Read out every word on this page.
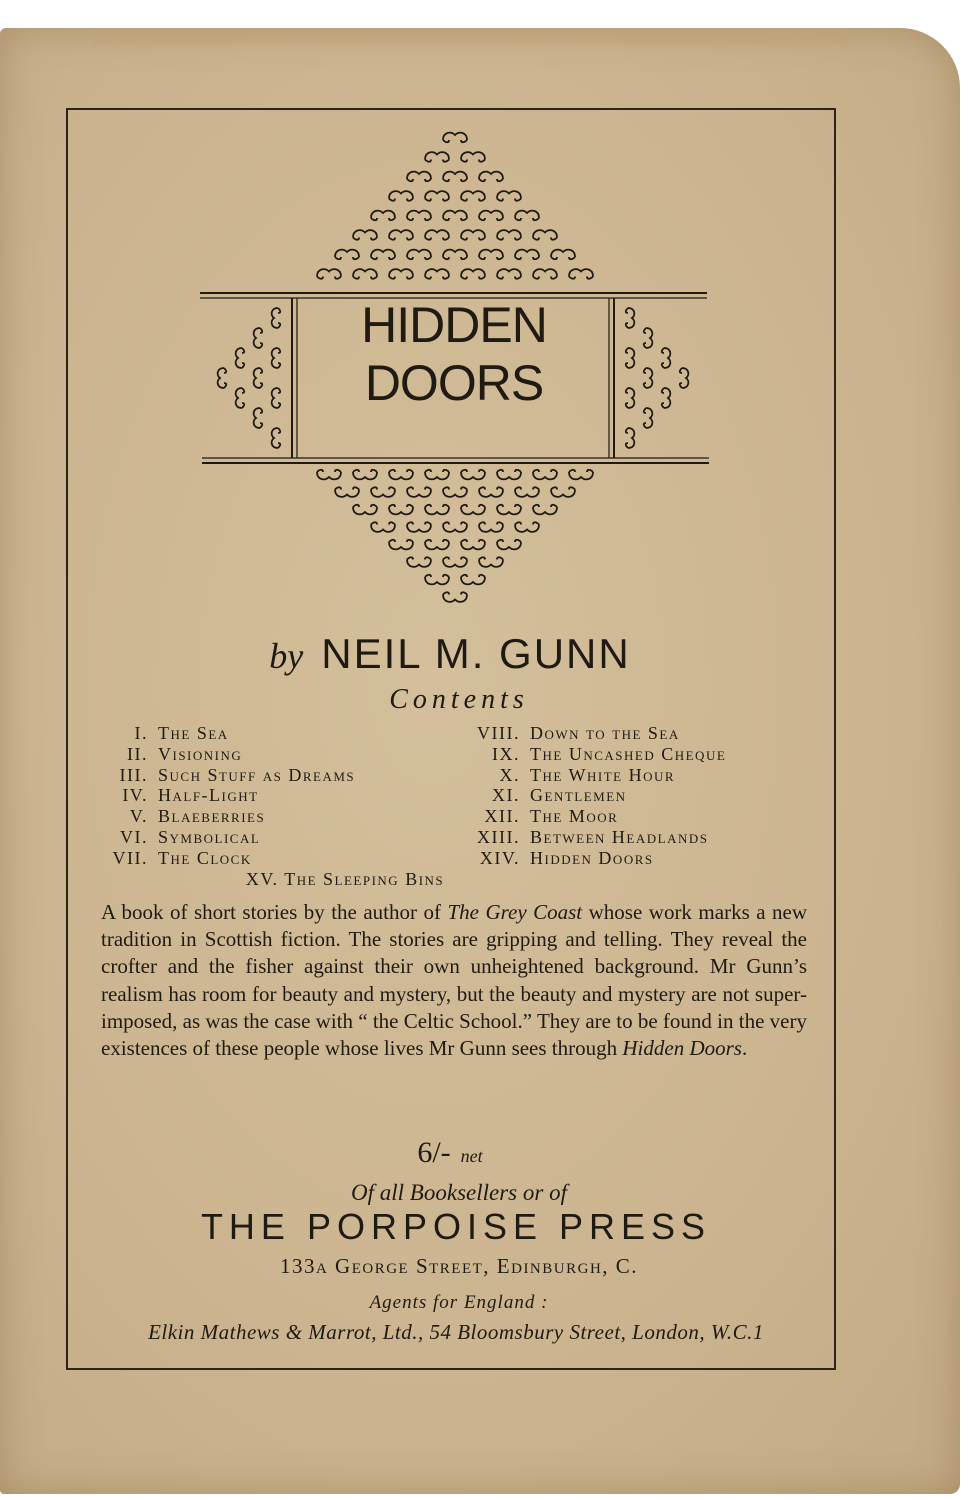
HIDDEN
DOORS
by NEIL M. GUNN
Contents
I. The Sea
II. Visioning
III. Such Stuff as Dreams
IV. Half-Light
V. Blaeberries
VI. Symbolical
VII. The Clock
VIII. Down to the Sea
IX. The Uncashed Cheque
X. The White Hour
XI. Gentlemen
XII. The Moor
XIII. Between Headlands
XIV. Hidden Doors
XV. The Sleeping Bins
A book of short stories by the author of The Grey Coast whose work marks a new tradition in Scottish fiction. The stories are gripping and telling. They reveal the crofter and the fisher against their own unheightened background. Mr Gunn’s realism has room for beauty and mystery, but the beauty and mystery are not super-imposed, as was the case with “ the Celtic School.” They are to be found in the very existences of these people whose lives Mr Gunn sees through Hidden Doors.
6/- net
Of all Booksellers or of
THE PORPOISE PRESS
133a George Street, Edinburgh, C.
Agents for England :
Elkin Mathews & Marrot, Ltd., 54 Bloomsbury Street, London, W.C.1
